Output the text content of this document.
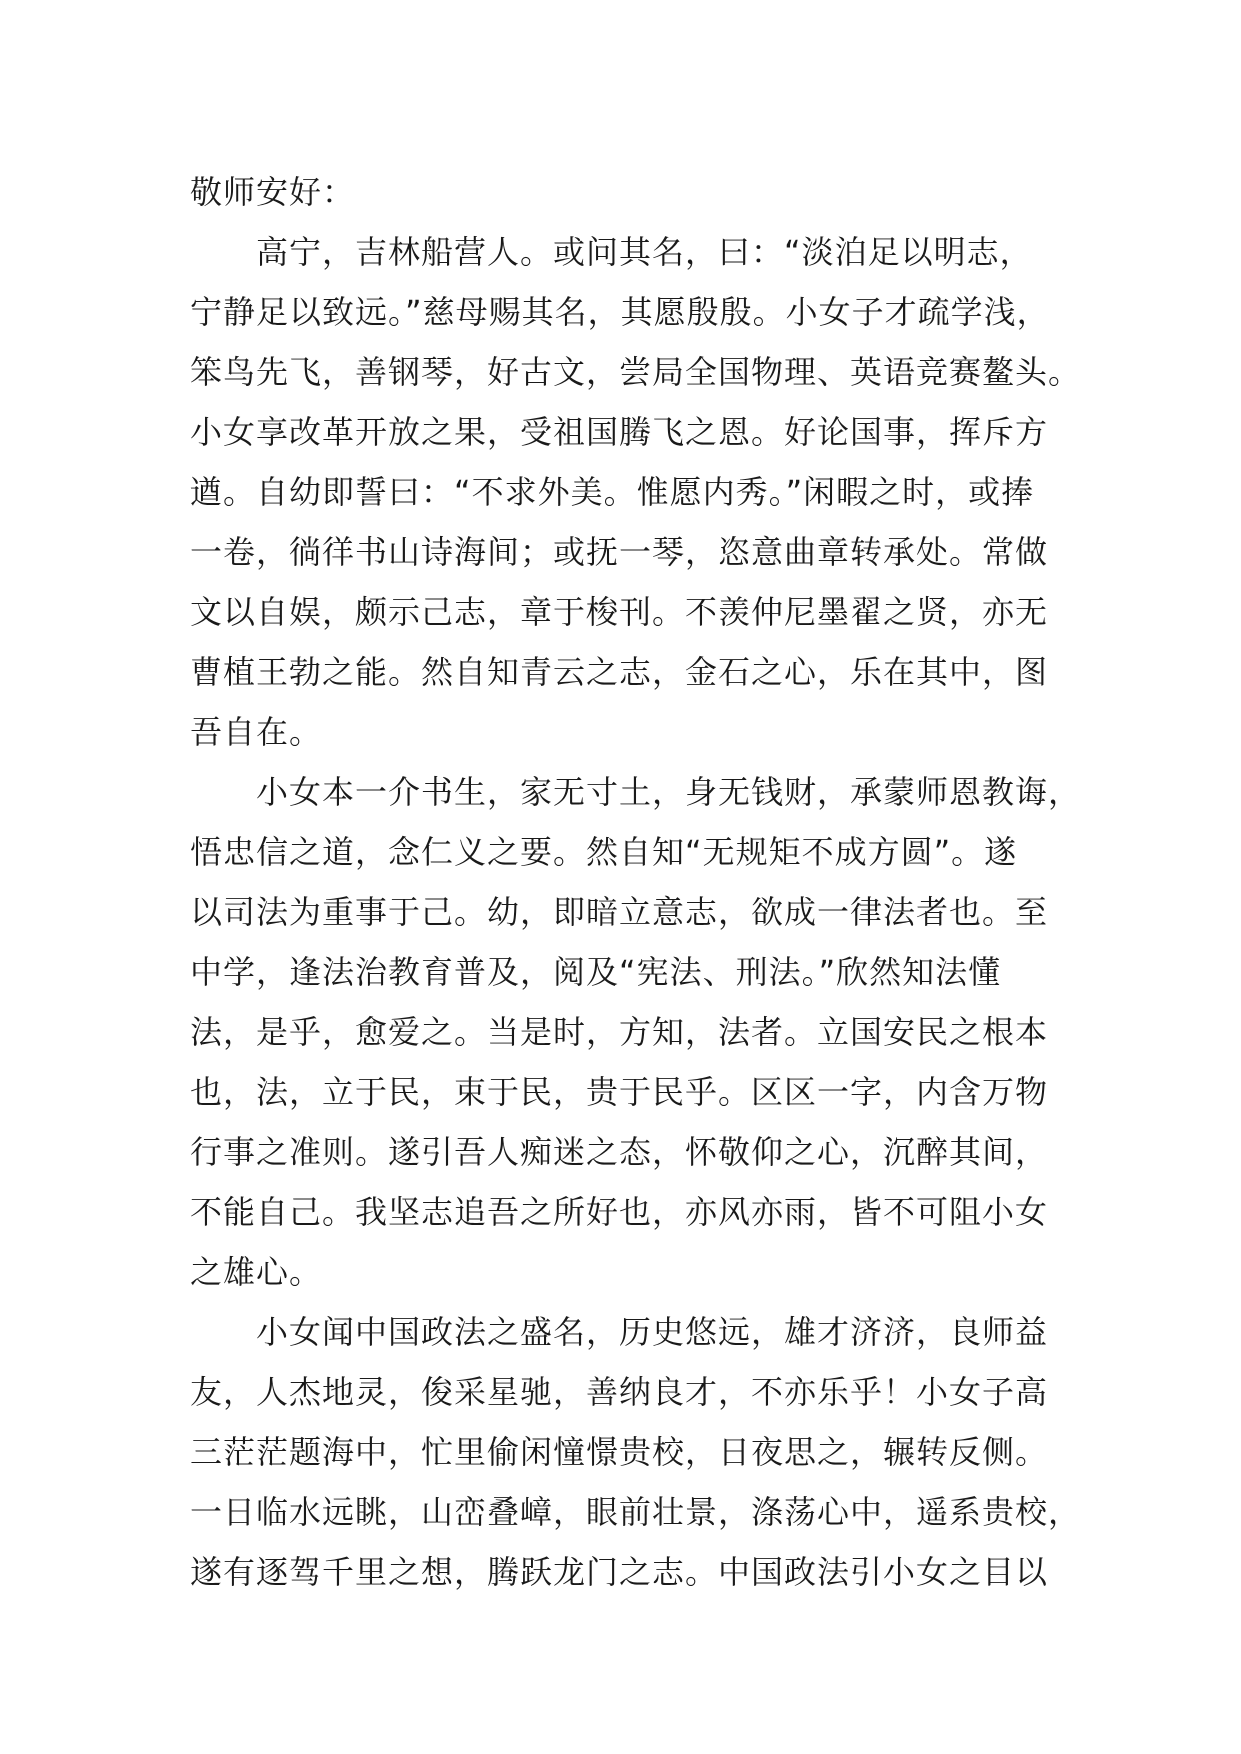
敬师安好：
高宁，吉林船营人。或问其名，曰：“淡泊足以明志，
宁静足以致远。”慈母赐其名，其愿殷殷。小女子才疏学浅，
笨鸟先飞，善钢琴，好古文，尝局全国物理、英语竞赛鳌头。
小女享改革开放之果，受祖国腾飞之恩。好论国事，挥斥方
遒。自幼即誓曰：“不求外美。惟愿内秀。”闲暇之时，或捧
一卷，徜徉书山诗海间；或抚一琴，恣意曲章转承处。常做
文以自娱，颇示己志，章于梭刊。不羡仲尼墨翟之贤，亦无
曹植王勃之能。然自知青云之志，金石之心，乐在其中，图
吾自在。
小女本一介书生，家无寸土，身无钱财，承蒙师恩教诲，
悟忠信之道，念仁义之要。然自知“无规矩不成方圆”。遂
以司法为重事于己。幼，即暗立意志，欲成一律法者也。至
中学，逢法治教育普及，阅及“宪法、刑法。”欣然知法懂
法，是乎，愈爱之。当是时，方知，法者。立国安民之根本
也，法，立于民，束于民，贵于民乎。区区一字，内含万物
行事之准则。遂引吾人痴迷之态，怀敬仰之心，沉醉其间，
不能自己。我坚志追吾之所好也，亦风亦雨，皆不可阻小女
之雄心。
小女闻中国政法之盛名，历史悠远，雄才济济，良师益
友，人杰地灵，俊采星驰，善纳良才，不亦乐乎！小女子高
三茫茫题海中，忙里偷闲憧憬贵校，日夜思之，辗转反侧。
一日临水远眺，山峦叠嶂，眼前壮景，涤荡心中，遥系贵校，
遂有逐驾千里之想，腾跃龙门之志。中国政法引小女之目以
